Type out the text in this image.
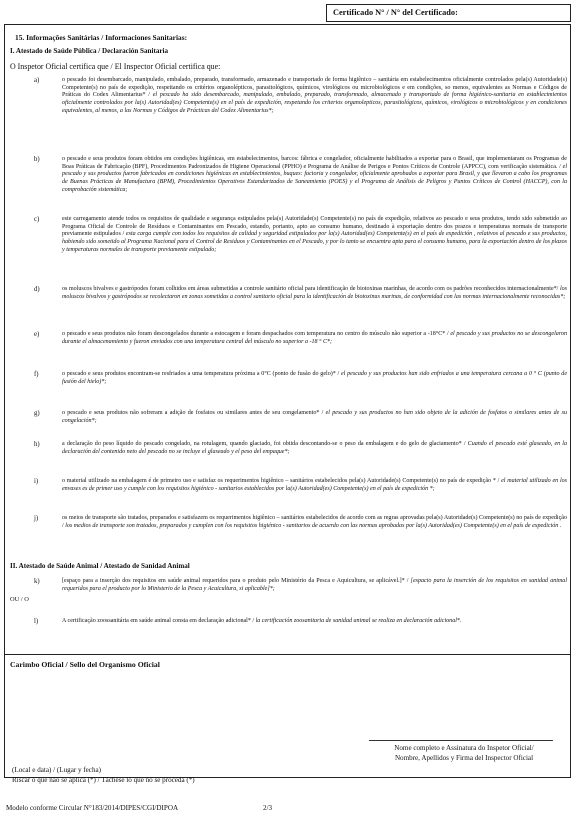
Certificado N° / N° del Certificado:
15. Informações Sanitárias / Informaciones Sanitarias:
I. Atestado de Saúde Pública / Declaración Sanitaria
O Inspetor Oficial certifica que / El Inspector Oficial certifica que:
a)	o pescado foi desembarcado, manipulado, embalado, preparado, transformado, armazenado e transportado de forma higiênico – sanitária em estabelecimentos oficialmente controlados pela(s) Autoridade(s) Competente(s) no país de expedição, respeitando os critérios organolépticos, parasitológicos, químicos, virológicos ou microbiológicos e em condições, so menos, equivalentes as Normas e Códigos de Práticas do Codex Alimentarius* / el pescado ha sido desembarcado, manipulado, embalado, preparado, transformado, almacenado y transportado de forma higiénico-sanitaria en establecimientos oficialmente controlados por la(s) Autoridad(es) Competente(s) en el país de expedición, respetando los criterios organolepticos, parasitológicos, químicos, virológicos o microbiológicos y en condiciones equivalentes, al menos, a las Normas y Códigos de Prácticas del Codex Alimentarius*;
b)	o pescado e seus produtos foram obtidos em condições higiênicas, em estabelecimentos, barcos: fábrica e congelador, oficialmente habilitados a exportar para o Brasil, que implementaram os Programas de Boas Práticas de Fabricação (BPF), Procedimentos Padronizados de Higiene Operacional (PPHO) e Programa de Análise de Perigos e Pontos Críticos de Controle (APPCC), com verificação sistemática. / el pescado y sus productos fueron fabricados en condiciones higiénicas en establecimientos, buques: factoria y congelador, oficialmente aprobados a exportar para Brasil, y que llevaron a cabo los programas de Buenas Prácticas de Manufactura (BPM), Procedimientos Operativos Estandarizados de Saneamiento (POES) y el Programa de Análisis de Peligros y Puntos Críticos de Control (HACCP), con la comprobación sistemática;
c)	este carregamento atende todos os requisitos de qualidade e segurança estipulados pela(s) Autoridade(s) Competente(s) no país de expedição, relativos ao pescado e seus produtos, tendo sido submetido ao Programa Oficial de Controle de Resíduos e Contaminantes em Pescado, estando, portanto, apto ao consumo humano, destinado à exportação dentro dos prazos e temperaturas normais de transporte previamente estipulados / esta carga cumple con todos los requisitos de calidad y seguridad estipulados por la(s) Autoridad(es) Competente(s) en el país de expedición , relativos al pescado e sus productos, habiendo sido sometido al Programa Nacional para el Control de Residuos y Contaminantes en el Pescado, y por lo tanto se encuentra apta para el consumo humano, para la exportación dentro de los plazos y temperaturas normales de transporte previamente estipulado;
d)	os moluscos bivalves e gastrópodes foram colhidos em áreas submetidas a controle sanitário oficial para identificação de biotoxinas marinhas, de acordo com os padrões reconhecidos internacionalmente*/ los moluscos bivalvos y gastrópodos se recolectaron en zonas sometidas a control sanitario oficial para la identificación de biotoxinas marinas, de conformidad con las normas internacionalmente reconocidas*;
e)	o pescado e seus produtos não foram descongelados durante a estocagem e foram despachados com temperatura no centro do músculo não superior a -18°C* / el pescado y sus productos no se descongelaron durante el almacenamiento y fueron enviados con una temperatura central del músculo no superior a -18 ° C*;
f)	o pescado e seus produtos encontram-se resfriados a uma temperatura próxima a 0°C (ponto de fusão do gelo)* / el pescado y sus productos han sido enfriados a una temperatura cercana a 0 ° C (punto de fusión del hielo)*;
g)	o pescado e seus produtos não sofreram a adição de fosfatos ou similares antes de seu congelamento* / el pescado y sus productos no han sido objeto de la adición de fosfatos o similares antes de su congelación*;
h)	a declaração do peso líquido do pescado congelado, na rotulagem, quando glaciado, foi obtida descontando-se o peso da embalagem e do gelo de glaciamento* / Cuando el pescado esté glaseado, en la declaración del contenido neto del pescado no se incluye el glaseado y el peso del empaque*;
i)	o material utilizado na embalagem é de primeiro uso e satisfaz os requerimentos higiênico – sanitários estabelecidos pela(s) Autoridade(s) Competente(s) no país de expedição * / el material utilizado en los envases es de primer uso y cumple con los requisitos higiénico - sanitarios establecidos por la(s) Autoridad(es) Competente(s) en el país de expedición *;
j)	os meios de transporte são tratados, preparados e satisfazem os requerimentos higiênico – sanitários estabelecidos de acordo com as regras aprovadas pela(s) Autoridade(s) Competente(s) no país de expedição / los medios de transporte son tratados, preparados y cumplen con los requisitos higiénico - sanitarios de acuerdo con las normas aprobadas por la(s) Autoridad(es) Competente(s) en el país de expedición .
II. Atestado de Saúde Animal / Atestado de Sanidad Animal
k)	[espaço para a inserção dos requisitos em saúde animal requeridos para o produto pelo Ministério da Pesca e Aquicultura, se aplicável.]* / [espacio para la inserción de los requisitos en sanidad animal requeridos para el producto por lo Ministerio de la Pesca y Acuicultura, si aplicable]*;
OU / O
l)	A certificação zoossanitária em saúde animal consta em declaração adicional* / la certificación zoosanitaria de sanidad animal se realiza en declaración adicional*.
Carimbo Oficial / Sello del Organismo Oficial
Nome completo e Assinatura do Inspetor Oficial/
Nombre, Apellidos y Firma del Inspector Oficial
(Local e data) / (Lugar y fecha)
Riscar o que não se aplica (*) / Táchese lo que no se proceda (*)
Modelo conforme Circular N°183/2014/DIPES/CGI/DIPOA	2/3
